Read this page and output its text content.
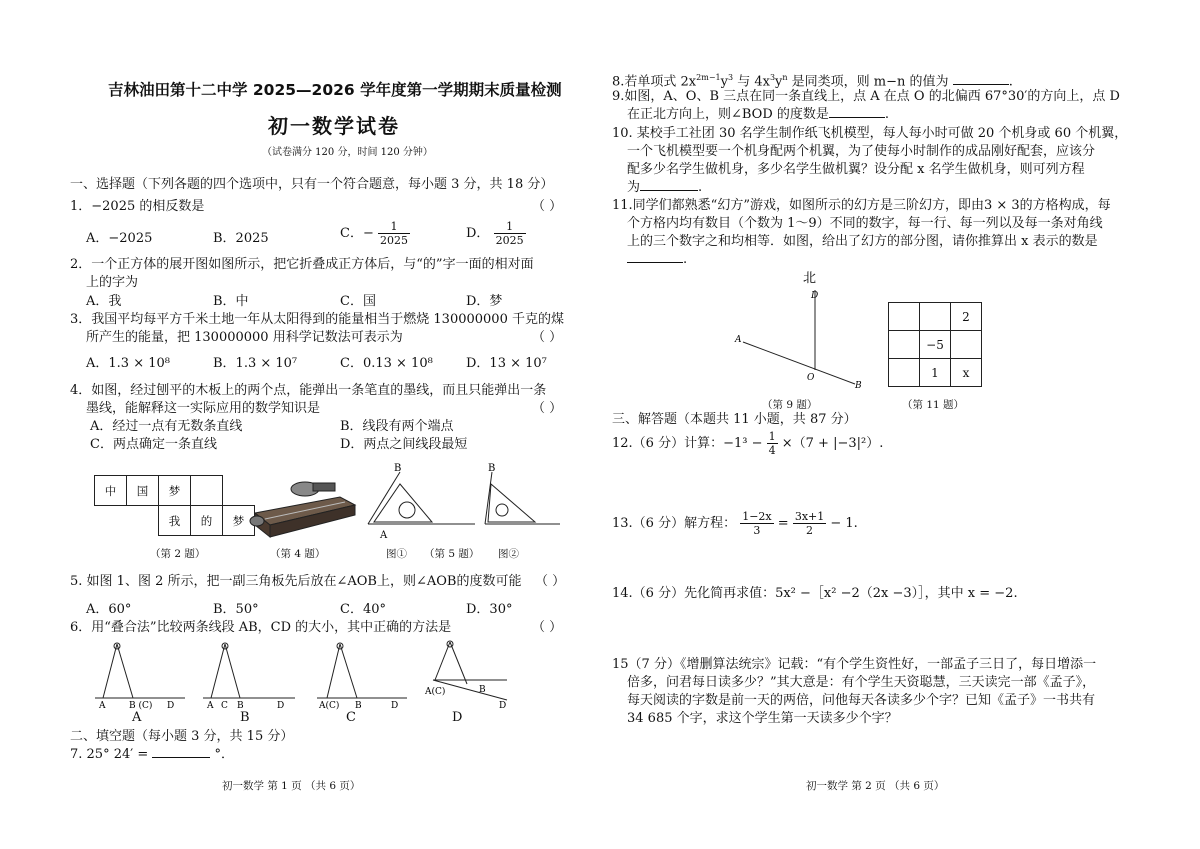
吉林油田第十二中学 2025—2026 学年度第一学期期末质量检测
初一数学试卷
（试卷满分 120 分，时间 120 分钟）
一、选择题（下列各题的四个选项中，只有一个符合题意，每小题 3 分，共 18 分）
1．−2025 的相反数是	（ ）
A．−2025	B．2025	C．− $\frac{1}{2025}$	D． $\frac{1}{2025}$
2．一个正方体的展开图如图所示，把它折叠成正方体后，与“的”字一面的相对面
上的字为
A．我	B．中	C．国	D．梦
3．我国平均每平方千米土地一年从太阳得到的能量相当于燃烧 130000000 千克的煤
所产生的能量，把 130000000 用科学记数法可表示为	（ ）
A．1.3 × 10⁸	B．1.3 × 10⁷	C．0.13 × 10⁸	D．13 × 10⁷
4．如图，经过刨平的木板上的两个点，能弹出一条笔直的墨线，而且只能弹出一条
墨线，能解释这一实际应用的数学知识是	（ ）
A．经过一点有无数条直线	B．线段有两个端点
C．两点确定一条直线	D．两点之间线段最短
中	国	梦		
		我	的	梦
（第 2 题）	（第 4 题）
B
A
B
图① （第 5 题） 图②
5. 如图 1、图 2 所示，把一副三角板先后放在∠AOB上，则∠AOB的度数可能 （ ）
A．60°	B．50°	C．40°	D．30°
6．用“叠合法”比较两条线段 AB，CD 的大小，其中正确的方法是	（ ）
A	B (C) D	A C B	D	A(C) B	D
A(C)	B
D
A	B	C	D
二、填空题（每小题 3 分，共 15 分）
7. 25° 24′ =	°．
初一数学 第 1 页 （共 6 页）
8.若单项式 $2x^{2m-1}y^3$ 与 $4x^3y^n$ 是同类项，则 m−n 的值为	.
9.如图，A、O、B 三点在同一条直线上，点 A 在点 O 的北偏西 67°30′的方向上，点 D
在正北方向上，则∠BOD 的度数是	.
10. 某校手工社团 30 名学生制作纸飞机模型，每人每小时可做 20 个机身或 60 个机翼，
一个飞机模型要一个机身配两个机翼，为了使每小时制作的成品刚好配套，应该分
配多少名学生做机身，多少名学生做机翼？设分配 x 名学生做机身，则可列方程
为	.
11.同学们都熟悉“幻方”游戏，如图所示的幻方是三阶幻方，即由3 × 3的方格构成，每
个方格内均有数目（个数为 1～9）不同的数字，每一行、每一列以及每一条对角线
上的三个数字之和均相等．如图，给出了幻方的部分图，请你推算出 x 表示的数是
.
北
D
A
O
B
（第 9 题）
		2
	−5	
	1	x
（第 11 题）
三、解答题（本题共 11 小题，共 87 分）
12.（6 分）计算：$-1^3 - \frac{1}{4} \times(7 + |-3|^2)$.
13.（6 分）解方程： $\frac{1-2x}{3} = \frac{3x+1}{2} - 1$.
14.（6 分）先化简再求值：5x² −［x² −2（2x −3）］，其中 x = −2.
15（7 分）《增删算法统宗》记载：“有个学生资性好，一部孟子三日了，每日增添一
倍多，问君每日读多少？”其大意是：有个学生天资聪慧，三天读完一部《孟子》，
每天阅读的字数是前一天的两倍，问他每天各读多少个字？已知《孟子》一书共有
34 685 个字，求这个学生第一天读多少个字？
初一数学 第 2 页 （共 6 页）
